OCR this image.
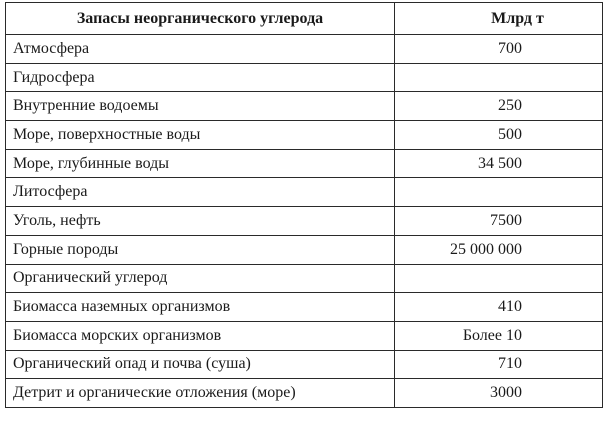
Запасы неорганического углерода	Млрд т
Атмосфера	700
Гидросфера	
Внутренние водоемы	250
Море, поверхностные воды	500
Море, глубинные воды	34 500
Литосфера	
Уголь, нефть	7500
Горные породы	25 000 000
Органический углерод	
Биомасса наземных организмов	410
Биомасса морских организмов	Более 10
Органический опад и почва (суша)	710
Детрит и органические отложения (море)	3000
